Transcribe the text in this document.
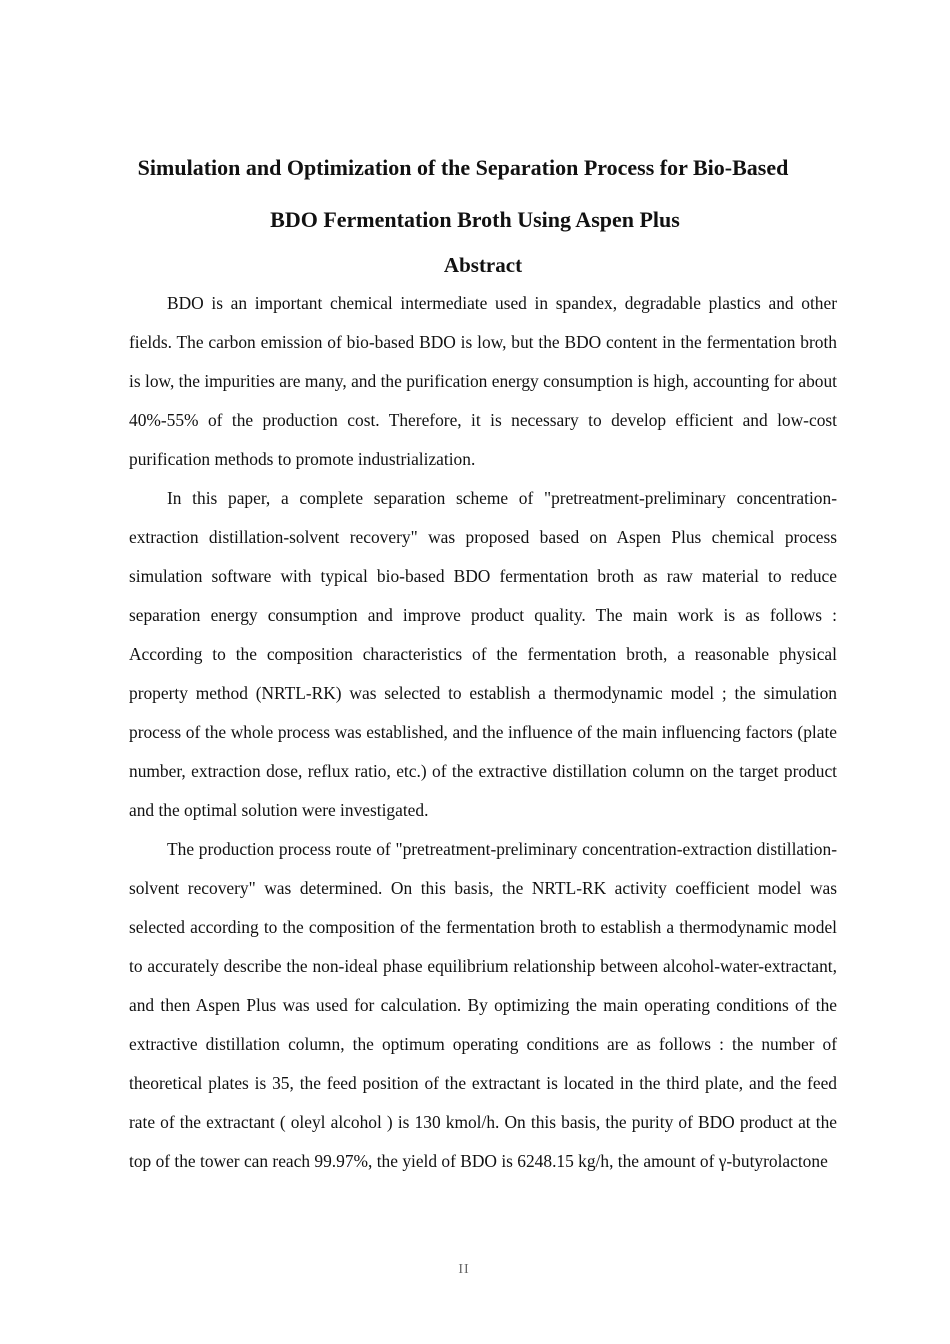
Simulation and Optimization of the Separation Process for Bio-Based
BDO Fermentation Broth Using Aspen Plus
Abstract

BDO is an important chemical intermediate used in spandex, degradable plastics and other fields. The carbon emission of bio-based BDO is low, but the BDO content in the fermentation broth is low, the impurities are many, and the purification energy consumption is high, accounting for about 40%-55% of the production cost. Therefore, it is necessary to develop efficient and low-cost purification methods to promote industrialization.

In this paper, a complete separation scheme of "pretreatment-preliminary concentration-extraction distillation-solvent recovery" was proposed based on Aspen Plus chemical process simulation software with typical bio-based BDO fermentation broth as raw material to reduce separation energy consumption and improve product quality. The main work is as follows : According to the composition characteristics of the fermentation broth, a reasonable physical property method (NRTL-RK) was selected to establish a thermodynamic model ; the simulation process of the whole process was established, and the influence of the main influencing factors (plate number, extraction dose, reflux ratio, etc.) of the extractive distillation column on the target product and the optimal solution were investigated.

The production process route of "pretreatment-preliminary concentration-extraction distillation-solvent recovery" was determined. On this basis, the NRTL-RK activity coefficient model was selected according to the composition of the fermentation broth to establish a thermodynamic model to accurately describe the non-ideal phase equilibrium relationship between alcohol-water-extractant, and then Aspen Plus was used for calculation. By optimizing the main operating conditions of the extractive distillation column, the optimum operating conditions are as follows : the number of theoretical plates is 35, the feed position of the extractant is located in the third plate, and the feed rate of the extractant ( oleyl alcohol ) is 130 kmol/h. On this basis, the purity of BDO product at the top of the tower can reach 99.97%, the yield of BDO is 6248.15 kg/h, the amount of γ-butyrolactone

II
